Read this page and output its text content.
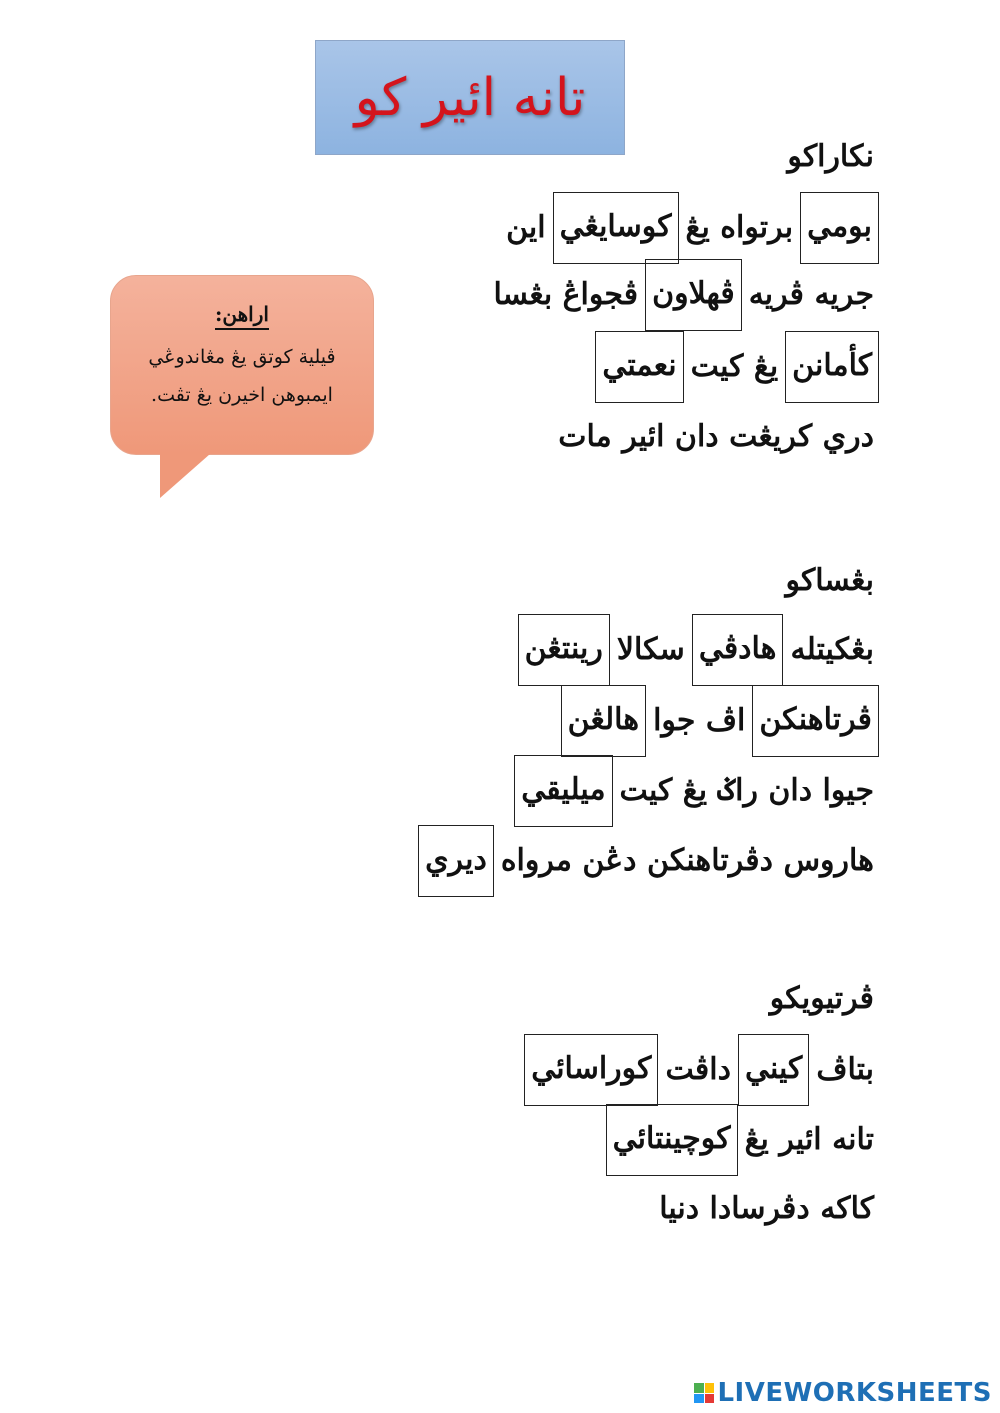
تانه ائير كو
اراهن:
ڤيلية كوتق يڠ مڠاندوڠي
ايمبوهن اخيرن يڠ تڤت.
نكاراكو
بومي
برتواه يڠ
كوسايڠي
اين
جريه ڤريه
ڤهلاون
ڤجواڠ بڠسا
كأمانن
يڠ كيت
نعمتي
دري كريڠت دان ائير مات
بڠساكو
بڠكيتله
هادڤي
سكالا
رينتڠن
ڤرتاهنكن
اڤ جوا
هالڠن
جيوا دان راݢ يڠ كيت
ميليقي
هاروس دڤرتاهنكن دڠن مرواه
ديري
ڤرتيويكو
بتاڤ
كيني
داڤت
كوراسائي
تانه ائير يڠ
كوچينتائي
كاكه دڤرسادا دنيا
LIVEWORKSHEETS
